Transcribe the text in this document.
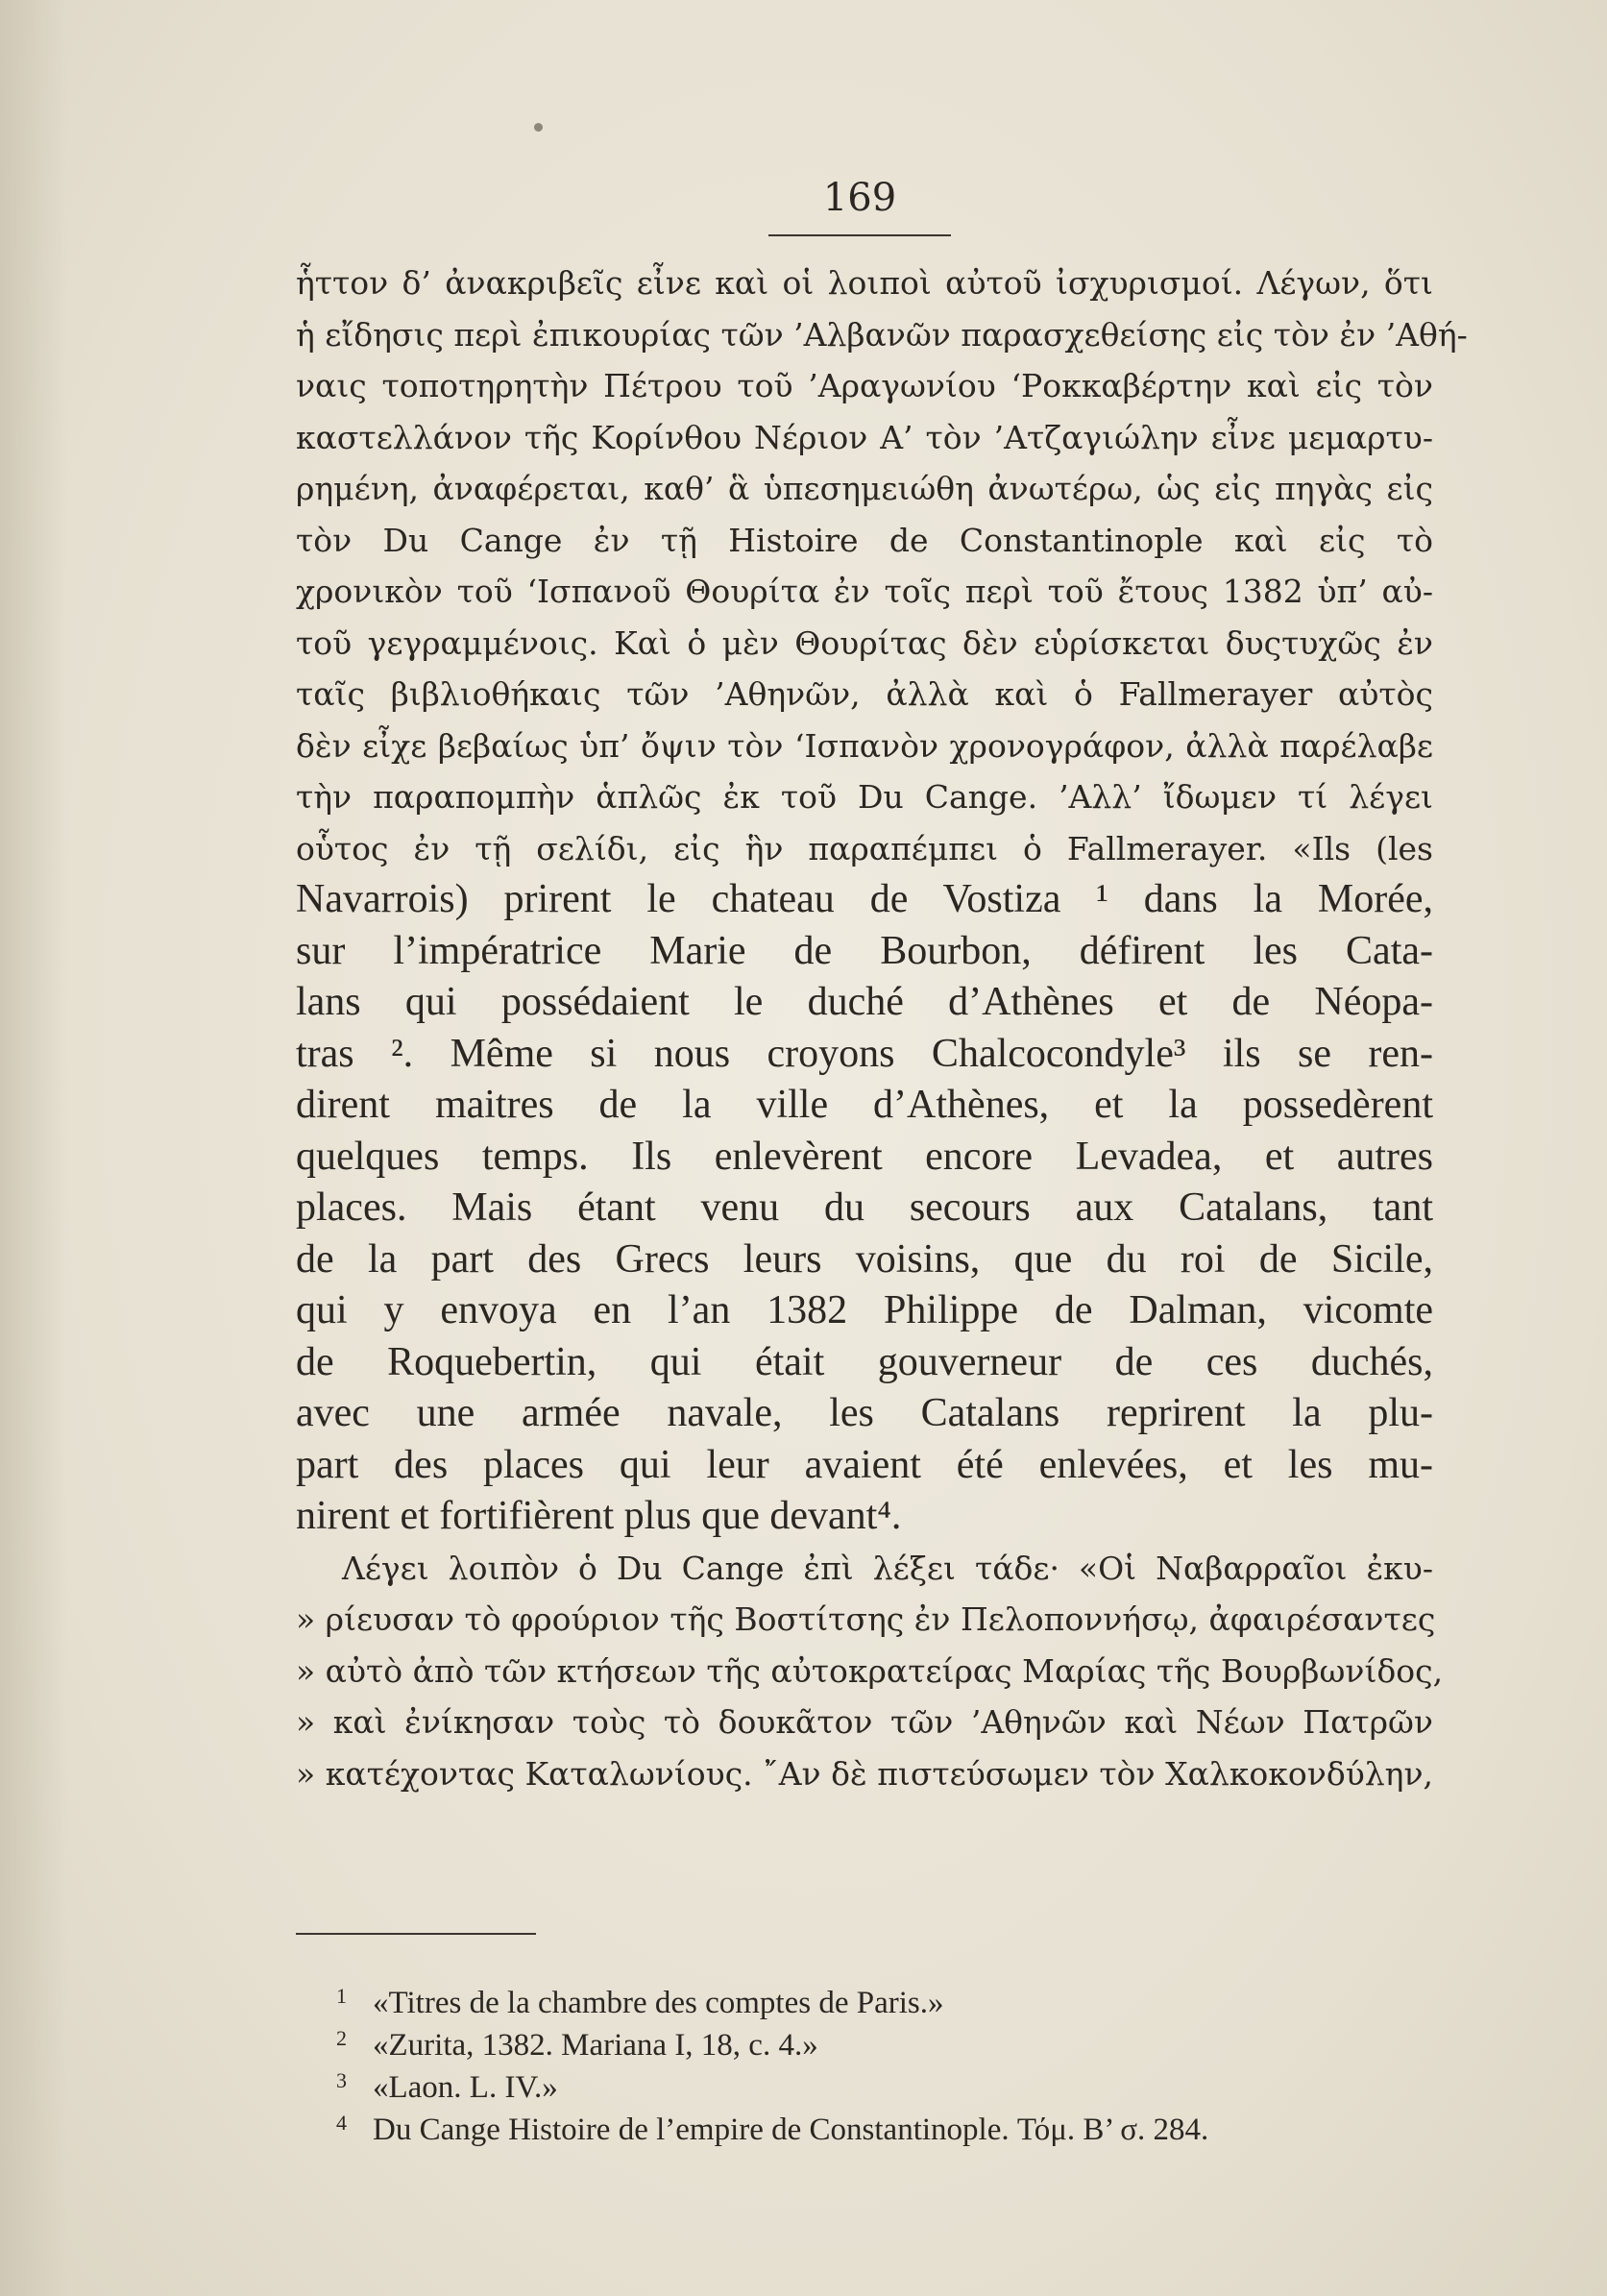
169
ἧττον δ’ ἀνακριβεῖς εἶνε καὶ οἱ λοιποὶ αὐτοῦ ἰσχυρισμοί. Λέγων, ὅτι
ἡ εἴδησις περὶ ἐπικουρίας τῶν ’Αλβανῶν παρασχεθείσης εἰς τὸν ἐν ’Αθή-
ναις τοποτηρητὴν Πέτρου τοῦ ’Αραγωνίου ‘Ροκκαβέρτην καὶ εἰς τὸν
καστελλάνον τῆς Κορίνθου Νέριον Α’ τὸν ’Ατζαγιώλην εἶνε μεμαρτυ-
ρημένη, ἀναφέρεται, καθ’ ἃ ὑπεσημειώθη ἀνωτέρω, ὡς εἰς πηγὰς εἰς
τὸν Du Cange ἐν τῇ Histoire de Constantinople καὶ εἰς τὸ
χρονικὸν τοῦ ‘Ισπανοῦ Θουρίτα ἐν τοῖς περὶ τοῦ ἔτους 1382 ὑπ’ αὐ-
τοῦ γεγραμμένοις. Καὶ ὁ μὲν Θουρίτας δὲν εὑρίσκεται δυςτυχῶς ἐν
ταῖς βιβλιοθήκαις τῶν ’Αθηνῶν, ἀλλὰ καὶ ὁ Fallmerayer αὐτὸς
δὲν εἶχε βεβαίως ὑπ’ ὄψιν τὸν ‘Ισπανὸν χρονογράφον, ἀλλὰ παρέλαβε
τὴν παραπομπὴν ἁπλῶς ἐκ τοῦ Du Cange. ’Αλλ’ ἴδωμεν τί λέγει
οὗτος ἐν τῇ σελίδι, εἰς ἣν παραπέμπει ὁ Fallmerayer. «Ils (les
Navarrois) prirent le chateau de Vostiza ¹ dans la Morée,
sur l’impératrice Marie de Bourbon, défirent les Cata-
lans qui possédaient le duché d’Athènes et de Néopa-
tras ². Même si nous croyons Chalcocondyle³ ils se ren-
dirent maitres de la ville d’Athènes, et la possedèrent
quelques temps. Ils enlevèrent encore Levadea, et autres
places. Mais étant venu du secours aux Catalans, tant
de la part des Grecs leurs voisins, que du roi de Sicile,
qui y envoya en l’an 1382 Philippe de Dalman, vicomte
de Roquebertin, qui était gouverneur de ces duchés,
avec une armée navale, les Catalans reprirent la plu-
part des places qui leur avaient été enlevées, et les mu-
nirent et fortifièrent plus que devant⁴.
Λέγει λοιπὸν ὁ Du Cange ἐπὶ λέξει τάδε· «Οἱ Ναβαρραῖοι ἐκυ-
» ρίευσαν τὸ φρούριον τῆς Βοστίτσης ἐν Πελοποννήσῳ, ἀφαιρέσαντες
» αὐτὸ ἀπὸ τῶν κτήσεων τῆς αὐτοκρατείρας Μαρίας τῆς Βουρβωνίδος,
» καὶ ἐνίκησαν τοὺς τὸ δουκᾶτον τῶν ’Αθηνῶν καὶ Νέων Πατρῶν
» κατέχοντας Καταλωνίους. ῎Αν δὲ πιστεύσωμεν τὸν Χαλκοκονδύλην,
1 «Titres de la chambre des comptes de Paris.»
2 «Zurita, 1382. Mariana I, 18, c. 4.»
3 «Laon. L. IV.»
4 Du Cange Histoire de l’empire de Constantinople. Τόμ. Β’ σ. 284.
